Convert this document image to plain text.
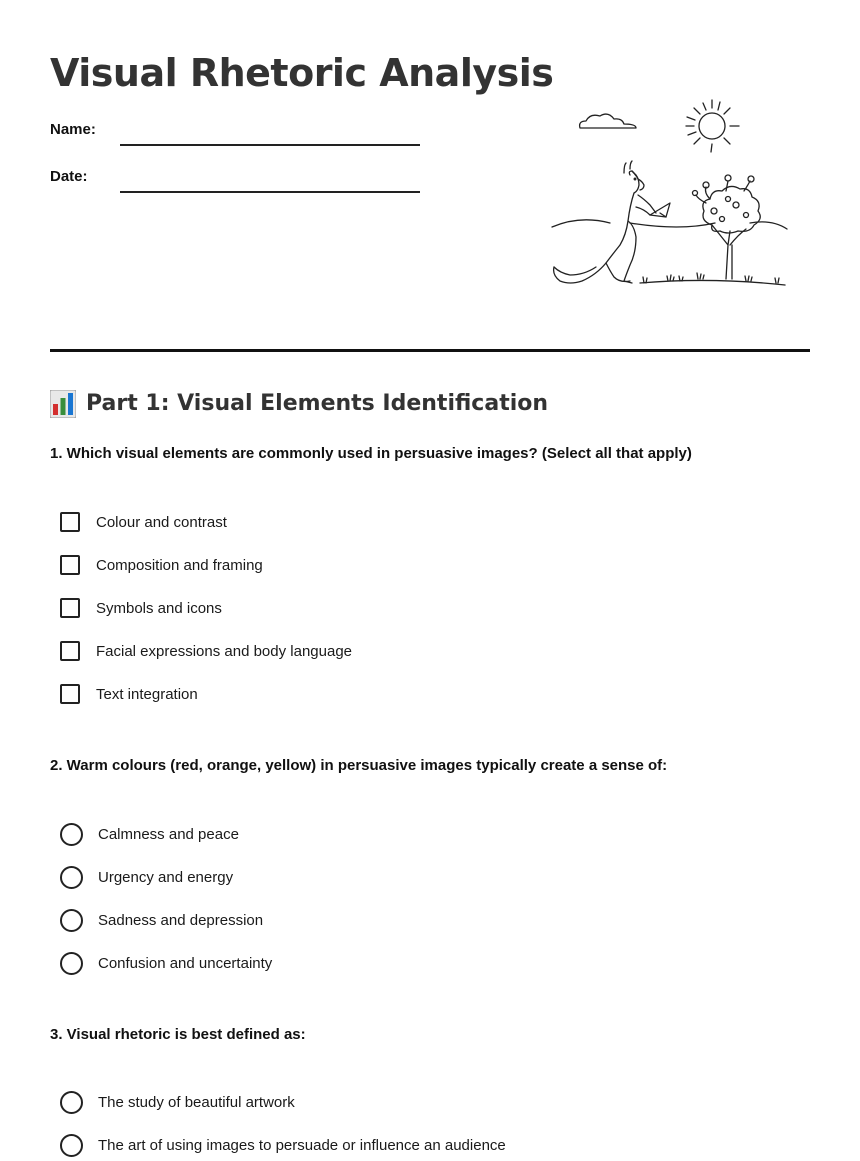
Visual Rhetoric Analysis
Name:
Date:
Part 1: Visual Elements Identification

1. Which visual elements are commonly used in persuasive images? (Select all that apply)

Colour and contrast
Composition and framing
Symbols and icons
Facial expressions and body language
Text integration

2. Warm colours (red, orange, yellow) in persuasive images typically create a sense of:

Calmness and peace
Urgency and energy
Sadness and depression
Confusion and uncertainty

3. Visual rhetoric is best defined as:

The study of beautiful artwork
The art of using images to persuade or influence an audience
